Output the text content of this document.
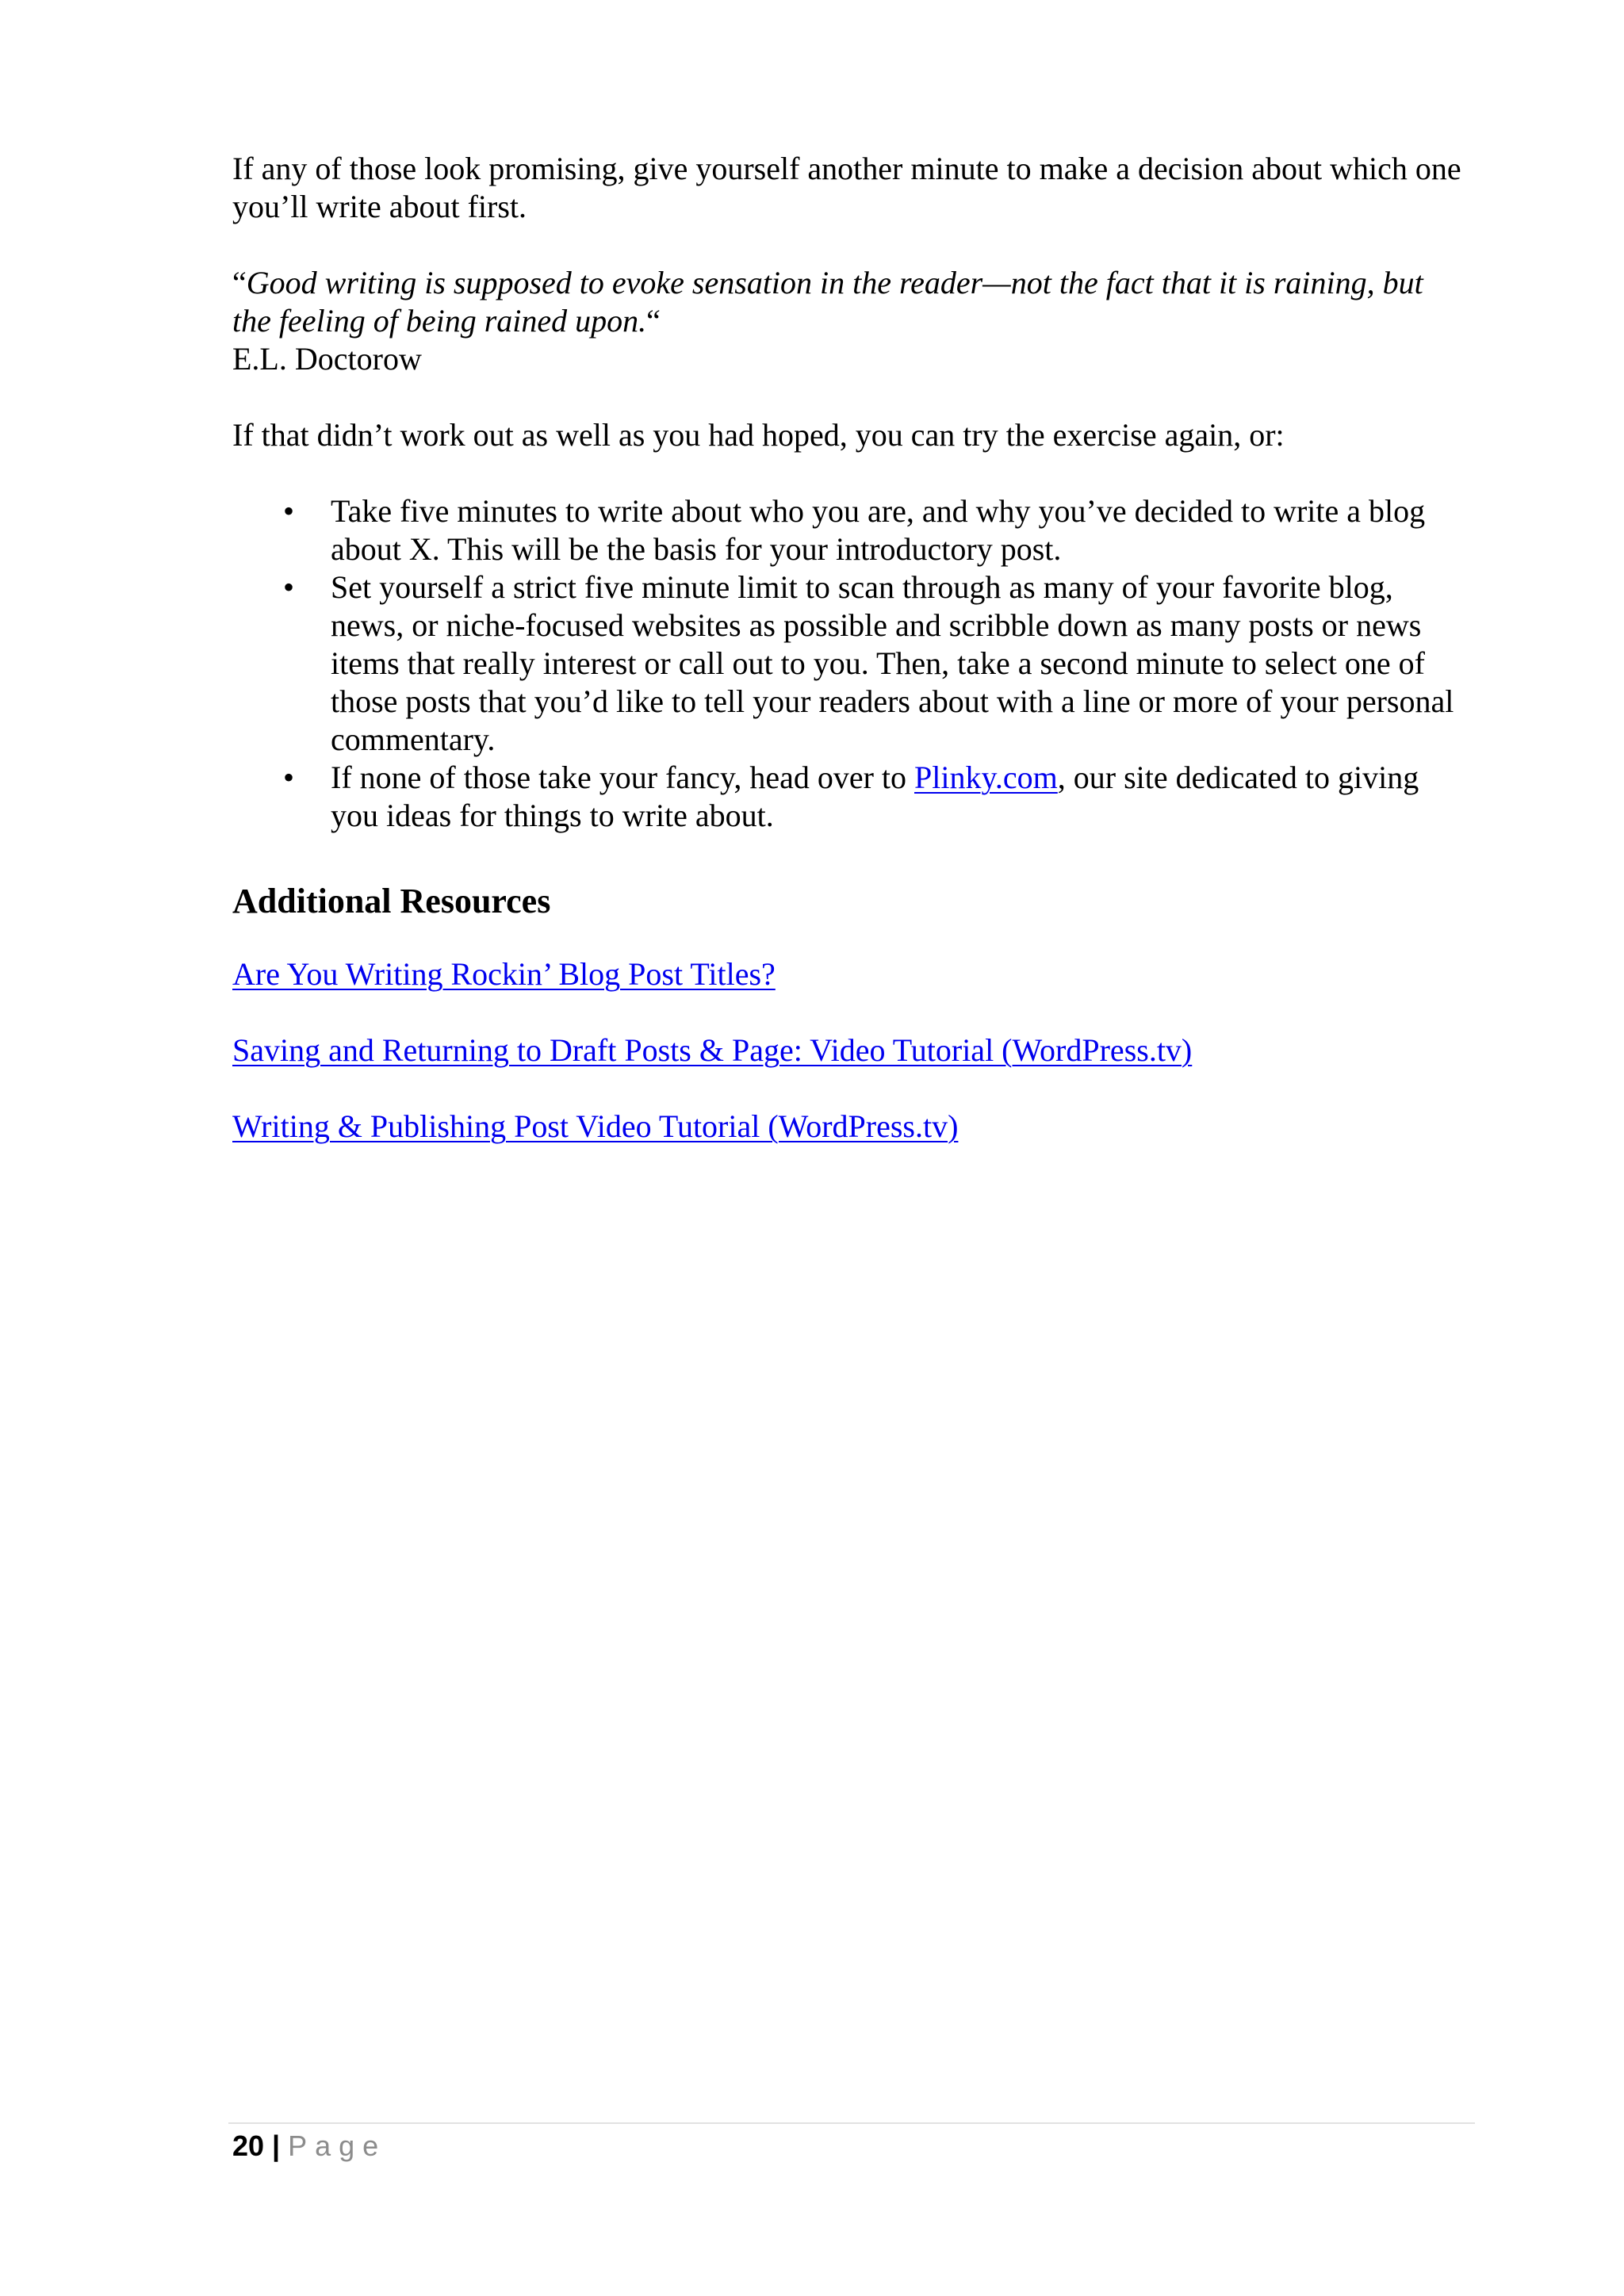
If any of those look promising, give yourself another minute to make a decision about which one you’ll write about first.

“Good writing is supposed to evoke sensation in the reader—not the fact that it is raining, but the feeling of being rained upon.“

E.L. Doctorow

If that didn’t work out as well as you had hoped, you can try the exercise again, or:

• Take five minutes to write about who you are, and why you’ve decided to write a blog about X. This will be the basis for your introductory post.
• Set yourself a strict five minute limit to scan through as many of your favorite blog, news, or niche-focused websites as possible and scribble down as many posts or news items that really interest or call out to you. Then, take a second minute to select one of those posts that you’d like to tell your readers about with a line or more of your personal commentary.
• If none of those take your fancy, head over to Plinky.com, our site dedicated to giving you ideas for things to write about.
Additional Resources

Are You Writing Rockin’ Blog Post Titles?

Saving and Returning to Draft Posts & Page: Video Tutorial (WordPress.tv)

Writing & Publishing Post Video Tutorial (WordPress.tv)

20 | Page
